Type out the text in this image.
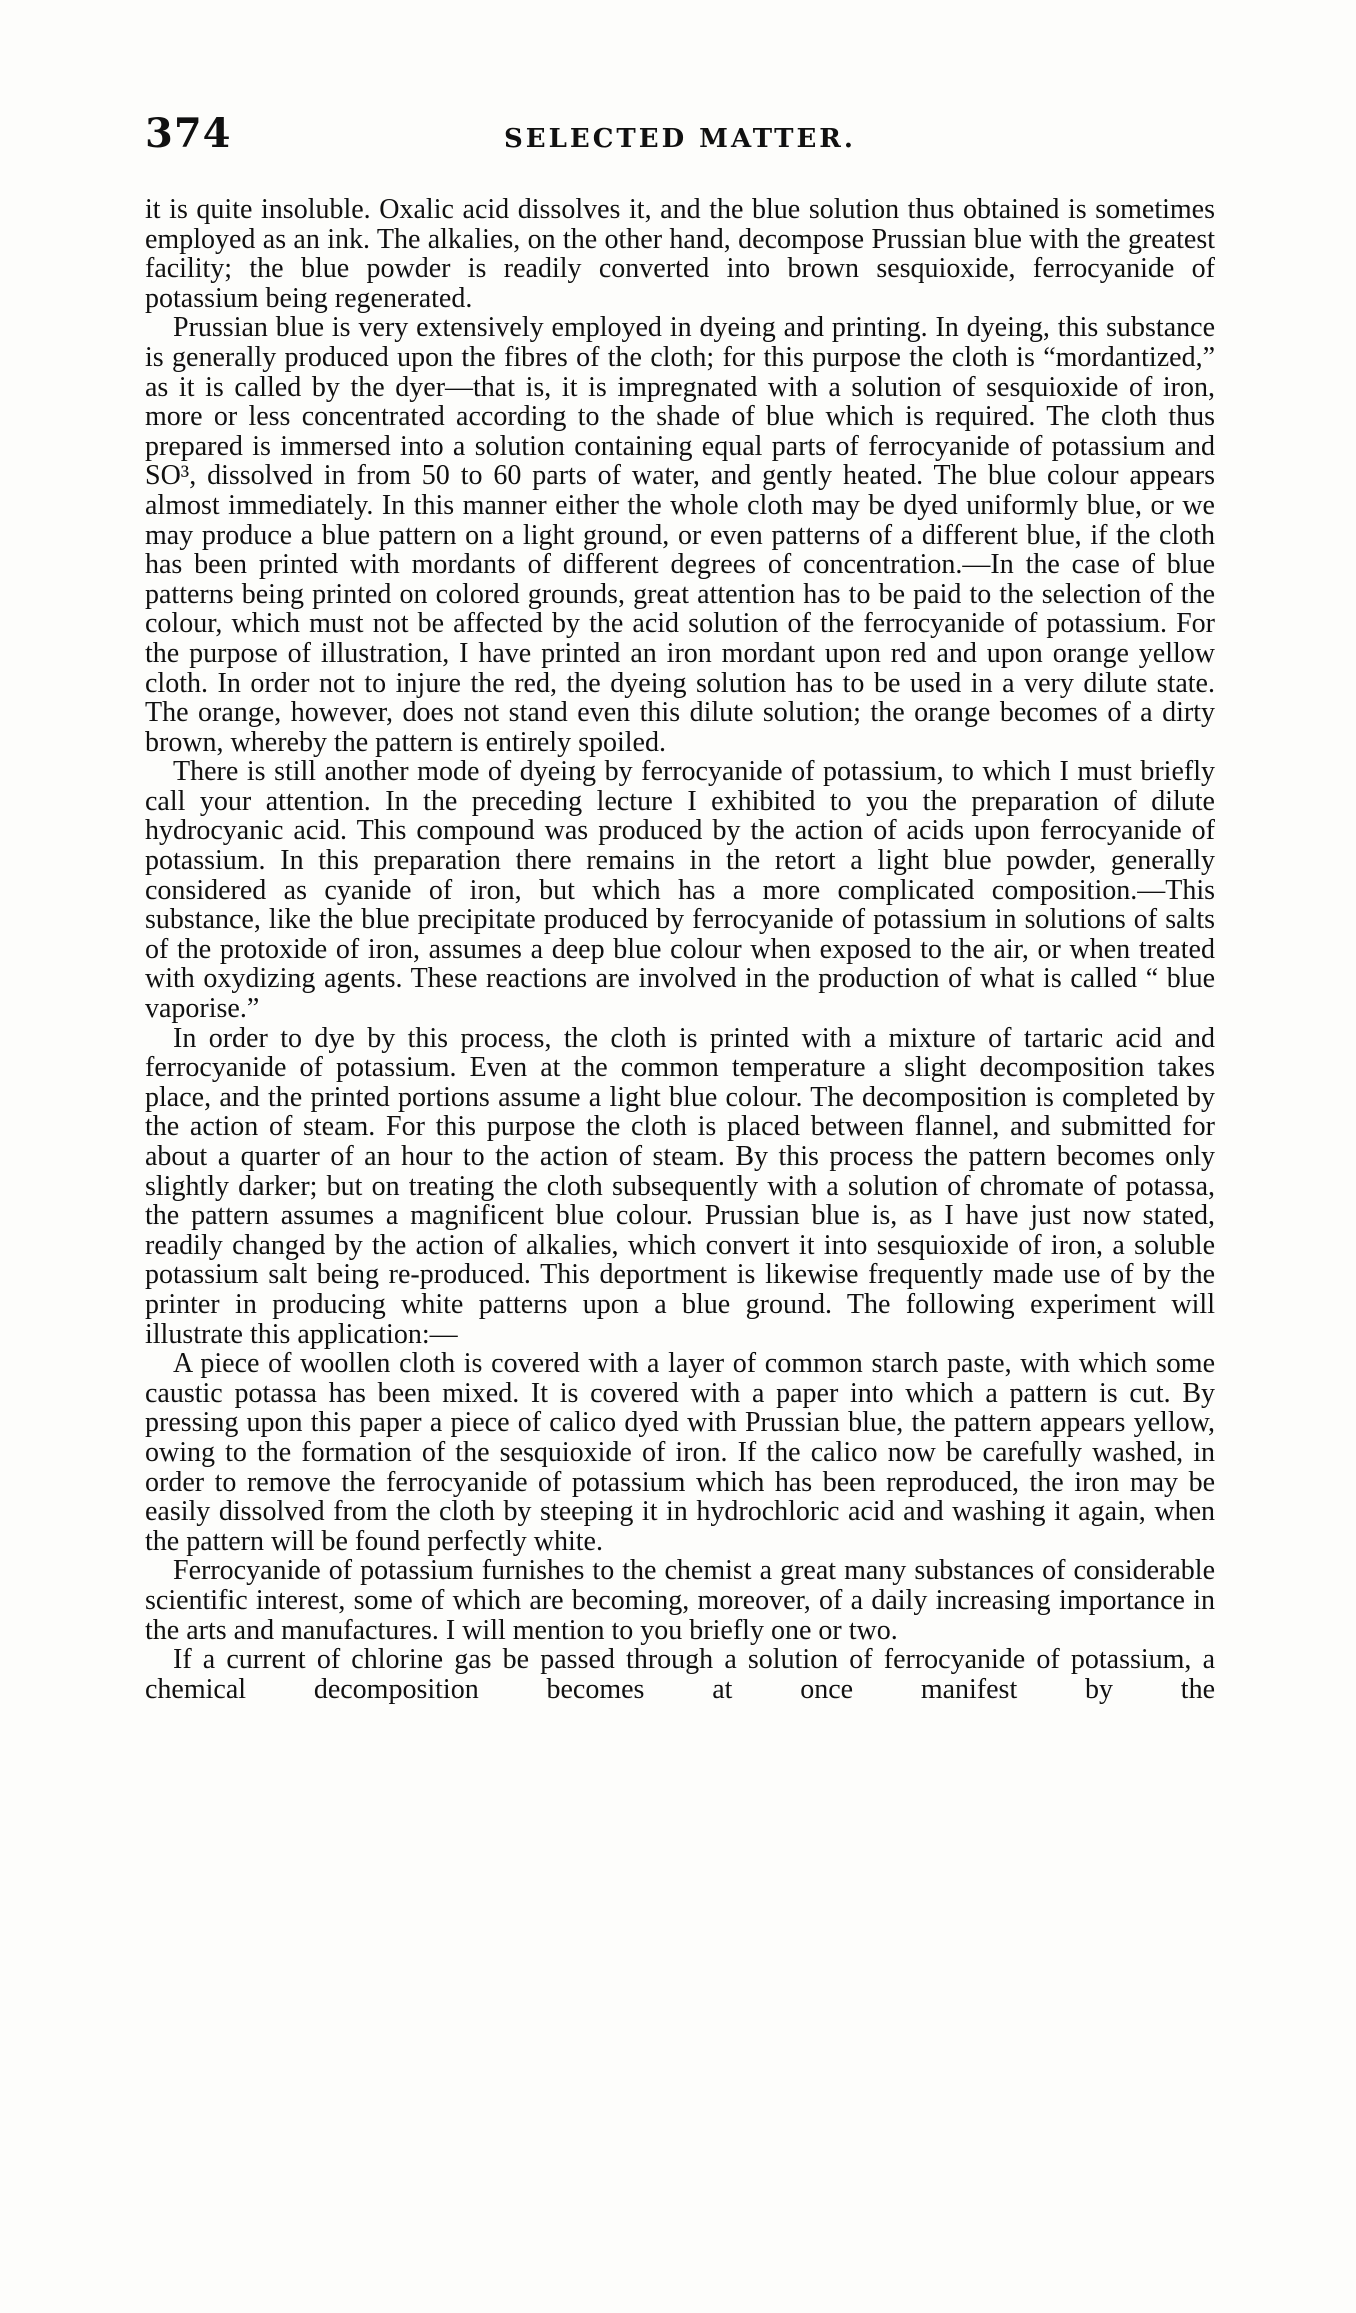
374	SELECTED MATTER.

it is quite insoluble. Oxalic acid dissolves it, and the blue solution thus obtained is sometimes employed as an ink. The alkalies, on the other hand, decompose Prussian blue with the greatest facility; the blue powder is readily converted into brown sesquioxide, ferrocyanide of potassium being regenerated.

Prussian blue is very extensively employed in dyeing and printing. In dyeing, this substance is generally produced upon the fibres of the cloth; for this purpose the cloth is “mordantized,” as it is called by the dyer—that is, it is impregnated with a solution of sesquioxide of iron, more or less concentrated according to the shade of blue which is required. The cloth thus prepared is immersed into a solution containing equal parts of ferrocyanide of potassium and SO³, dissolved in from 50 to 60 parts of water, and gently heated. The blue colour appears almost immediately. In this manner either the whole cloth may be dyed uniformly blue, or we may produce a blue pattern on a light ground, or even patterns of a different blue, if the cloth has been printed with mordants of different degrees of concentration.—In the case of blue patterns being printed on colored grounds, great attention has to be paid to the selection of the colour, which must not be affected by the acid solution of the ferrocyanide of potassium. For the purpose of illustration, I have printed an iron mordant upon red and upon orange yellow cloth. In order not to injure the red, the dyeing solution has to be used in a very dilute state. The orange, however, does not stand even this dilute solution; the orange becomes of a dirty brown, whereby the pattern is entirely spoiled.

There is still another mode of dyeing by ferrocyanide of potassium, to which I must briefly call your attention. In the preceding lecture I exhibited to you the preparation of dilute hydrocyanic acid. This compound was produced by the action of acids upon ferrocyanide of potassium. In this preparation there remains in the retort a light blue powder, generally considered as cyanide of iron, but which has a more complicated composition.—This substance, like the blue precipitate produced by ferrocyanide of potassium in solutions of salts of the protoxide of iron, assumes a deep blue colour when exposed to the air, or when treated with oxydizing agents. These reactions are involved in the production of what is called “ blue vaporise.”

In order to dye by this process, the cloth is printed with a mixture of tartaric acid and ferrocyanide of potassium. Even at the common temperature a slight decomposition takes place, and the printed portions assume a light blue colour. The decomposition is completed by the action of steam. For this purpose the cloth is placed between flannel, and submitted for about a quarter of an hour to the action of steam. By this process the pattern becomes only slightly darker; but on treating the cloth subsequently with a solution of chromate of potassa, the pattern assumes a magnificent blue colour. Prussian blue is, as I have just now stated, readily changed by the action of alkalies, which convert it into sesquioxide of iron, a soluble potassium salt being re-produced. This deportment is likewise frequently made use of by the printer in producing white patterns upon a blue ground. The following experiment will illustrate this application:—

A piece of woollen cloth is covered with a layer of common starch paste, with which some caustic potassa has been mixed. It is covered with a paper into which a pattern is cut. By pressing upon this paper a piece of calico dyed with Prussian blue, the pattern appears yellow, owing to the formation of the sesquioxide of iron. If the calico now be carefully washed, in order to remove the ferrocyanide of potassium which has been reproduced, the iron may be easily dissolved from the cloth by steeping it in hydrochloric acid and washing it again, when the pattern will be found perfectly white.

Ferrocyanide of potassium furnishes to the chemist a great many substances of considerable scientific interest, some of which are becoming, moreover, of a daily increasing importance in the arts and manufactures. I will mention to you briefly one or two.

If a current of chlorine gas be passed through a solution of ferrocyanide of potassium, a chemical decomposition becomes at once manifest by the
